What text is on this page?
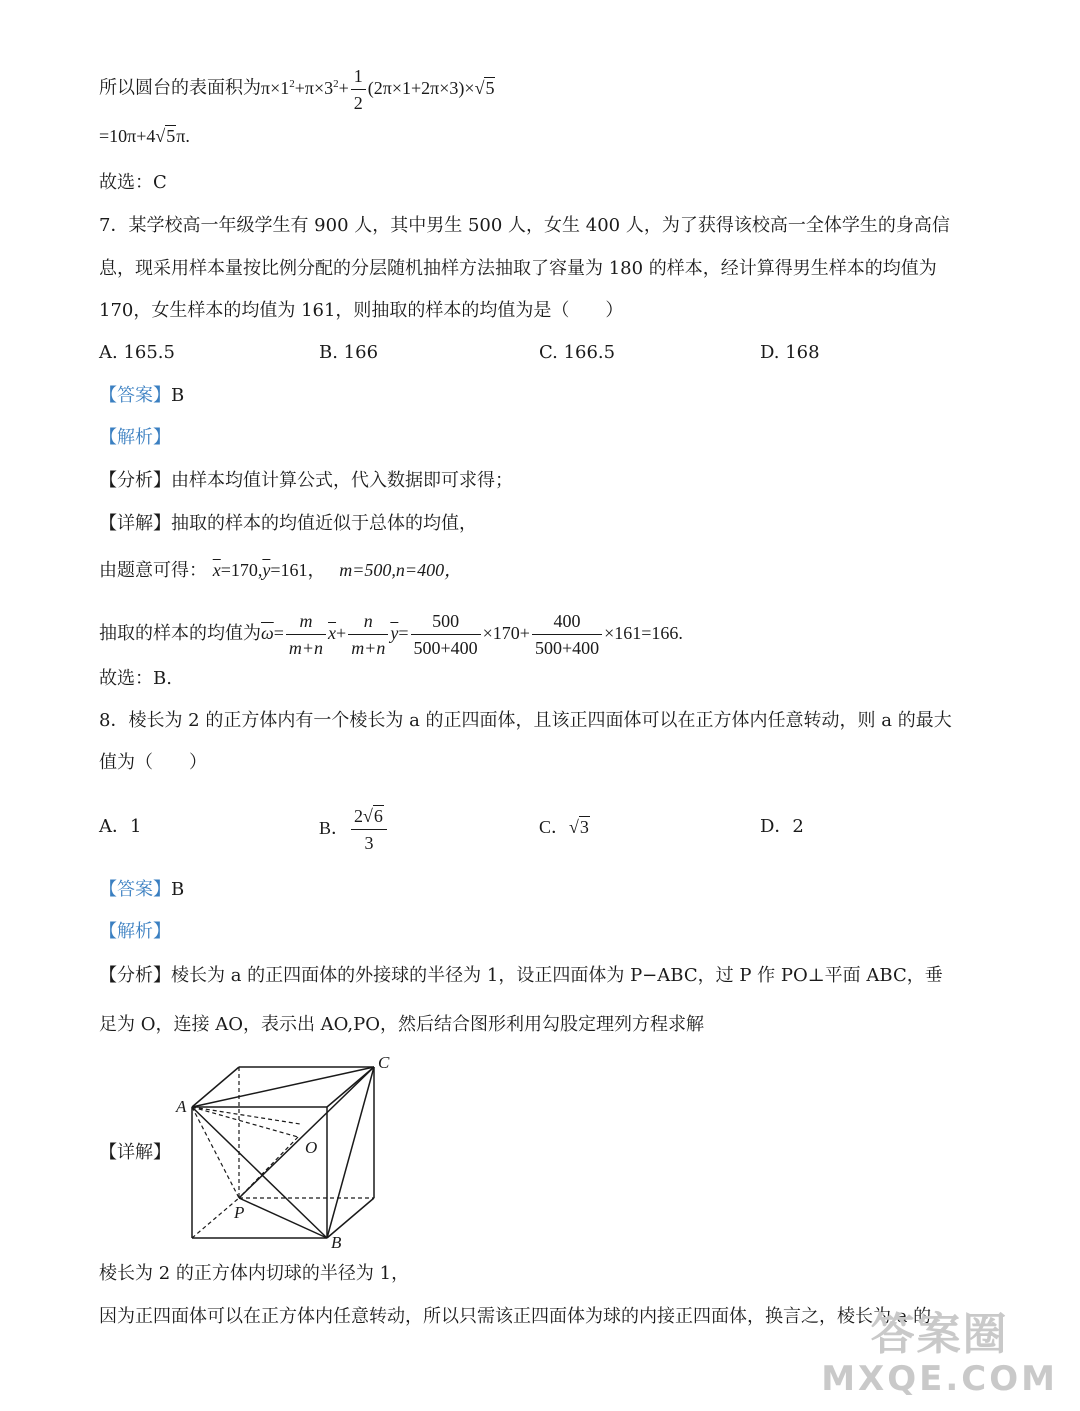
所以圆台的表面积为$\pi\times 1^2+\pi\times 3^2+ \frac{1}{2} (2\pi\times 1+2\pi\times 3)\times√5$
=10π+4√5π.
故选：C
7．某学校高一年级学生有 900 人，其中男生 500 人，女生 400 人，为了获得该校高一全体学生的身高信
息，现采用样本量按比例分配的分层随机抽样方法抽取了容量为 180 的样本，经计算得男生样本的均值为
170，女生样本的均值为 161，则抽取的样本的均值为是（　　）
A. 165.5	B. 166	C. 166.5	D. 168
【答案】B
【解析】
【分析】由样本均值计算公式，代入数据即可求得；
【详解】抽取的样本的均值近似于总体的均值，
由题意可得： $\overline{x}=170,\overline{y}=161$， m=500,n=400，
抽取的样本的均值为$\overline{\omega}= \frac{m}{m+n} \overline{x}+ \frac{n}{m+n} \overline{y}= \frac{500}{500+400} \times 170+ \frac{400}{500+400} \times 161=166$.
故选：B.
8．棱长为 2 的正方体内有一个棱长为 a 的正四面体，且该正四面体可以在正方体内任意转动，则 a 的最大
值为（　　）
A．1	B． $\frac{2√6}{3}$	C．√3	D．2
【答案】B
【解析】
【分析】棱长为 a 的正四面体的外接球的半径为 1，设正四面体为 P−ABC，过 P 作 PO⊥平面 ABC，垂
足为 O，连接 AO，表示出 AO,PO，然后结合图形利用勾股定理列方程求解
【详解】
A
C
O
P
B
棱长为 2 的正方体内切球的半径为 1，
因为正四面体可以在正方体内任意转动，所以只需该正四面体为球的内接正四面体，换言之，棱长为 a 的
答案圈
MXQE.COM
